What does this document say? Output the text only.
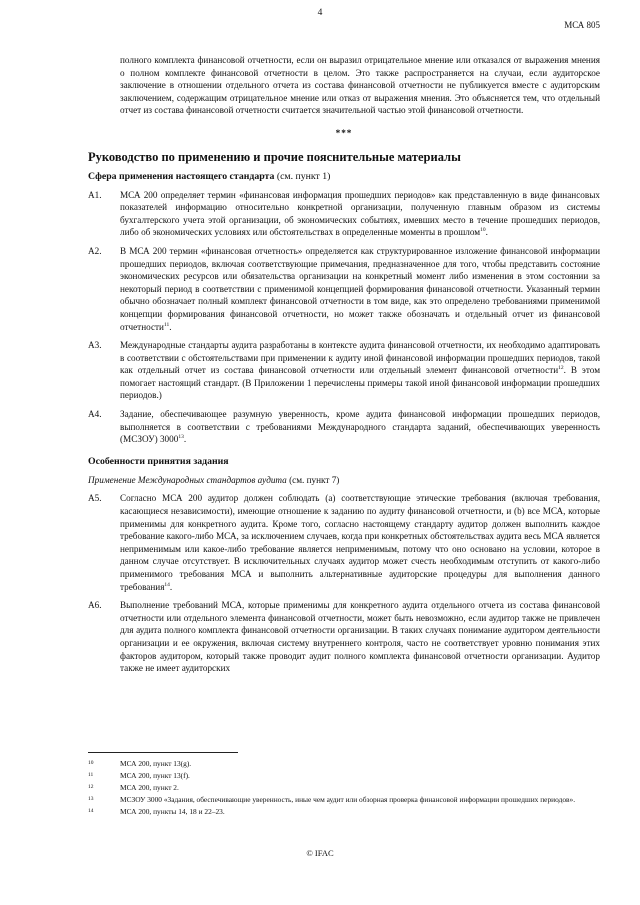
4
МСА 805
полного комплекта финансовой отчетности, если он выразил отрицательное мнение или отказался от выражения мнения о полном комплекте финансовой отчетности в целом. Это также распространяется на случаи, если аудиторское заключение в отношении отдельного отчета из состава финансовой отчетности не публикуется вместе с аудиторским заключением, содержащим отрицательное мнение или отказ от выражения мнения. Это объясняется тем, что отдельный отчет из состава финансовой отчетности считается значительной частью этой финансовой отчетности.
***
Руководство по применению и прочие пояснительные материалы
Сфера применения настоящего стандарта (см. пункт 1)
A1.	МСА 200 определяет термин «финансовая информация прошедших периодов» как представленную в виде финансовых показателей информацию относительно конкретной организации, полученную главным образом из системы бухгалтерского учета этой организации, об экономических событиях, имевших место в течение прошедших периодов, либо об экономических условиях или обстоятельствах в определенные моменты в прошлом$^{10}$.
A2.	В МСА 200 термин «финансовая отчетность» определяется как структурированное изложение финансовой информации прошедших периодов, включая соответствующие примечания, предназначенное для того, чтобы представить состояние экономических ресурсов или обязательства организации на конкретный момент либо изменения в этом состоянии за некоторый период в соответствии с применимой концепцией формирования финансовой отчетности. Указанный термин обычно обозначает полный комплект финансовой отчетности в том виде, как это определено требованиями применимой концепции формирования финансовой отчетности, но может также обозначать и отдельный отчет из финансовой отчетности$^{11}$.
A3.	Международные стандарты аудита разработаны в контексте аудита финансовой отчетности, их необходимо адаптировать в соответствии с обстоятельствами при применении к аудиту иной финансовой информации прошедших периодов, такой как отдельный отчет из состава финансовой отчетности или отдельный элемент финансовой отчетности$^{12}$. В этом помогает настоящий стандарт. (В Приложении 1 перечислены примеры такой иной финансовой информации прошедших периодов.)
A4.	Задание, обеспечивающее разумную уверенность, кроме аудита финансовой информации прошедших периодов, выполняется в соответствии с требованиями Международного стандарта заданий, обеспечивающих уверенность (МСЗОУ) 3000$^{13}$.
Особенности принятия задания
Применение Международных стандартов аудита (см. пункт 7)
A5.	Согласно МСА 200 аудитор должен соблюдать (а) соответствующие этические требования (включая требования, касающиеся независимости), имеющие отношение к заданию по аудиту финансовой отчетности, и (b) все МСА, которые применимы для конкретного аудита. Кроме того, согласно настоящему стандарту аудитор должен выполнить каждое требование какого-либо МСА, за исключением случаев, когда при конкретных обстоятельствах аудита весь МСА является неприменимым или какое-либо требование является неприменимым, потому что оно основано на условии, которое в данном случае отсутствует. В исключительных случаях аудитор может счесть необходимым отступить от какого-либо применимого требования МСА и выполнить альтернативные аудиторские процедуры для выполнения данного требования$^{14}$.
A6.	Выполнение требований МСА, которые применимы для конкретного аудита отдельного отчета из состава финансовой отчетности или отдельного элемента финансовой отчетности, может быть невозможно, если аудитор также не привлечен для аудита полного комплекта финансовой отчетности организации. В таких случаях понимание аудитором деятельности организации и ее окружения, включая систему внутреннего контроля, часто не соответствует уровню понимания этих факторов аудитором, который также проводит аудит полного комплекта финансовой отчетности организации. Аудитор также не имеет аудиторских
10	МСА 200, пункт 13(g).
11	МСА 200, пункт 13(f).
12	МСА 200, пункт 2.
13	МСЗОУ 3000 «Задания, обеспечивающие уверенность, иные чем аудит или обзорная проверка финансовой информации прошедших периодов».
14	МСА 200, пункты 14, 18 и 22–23.
© IFAC
